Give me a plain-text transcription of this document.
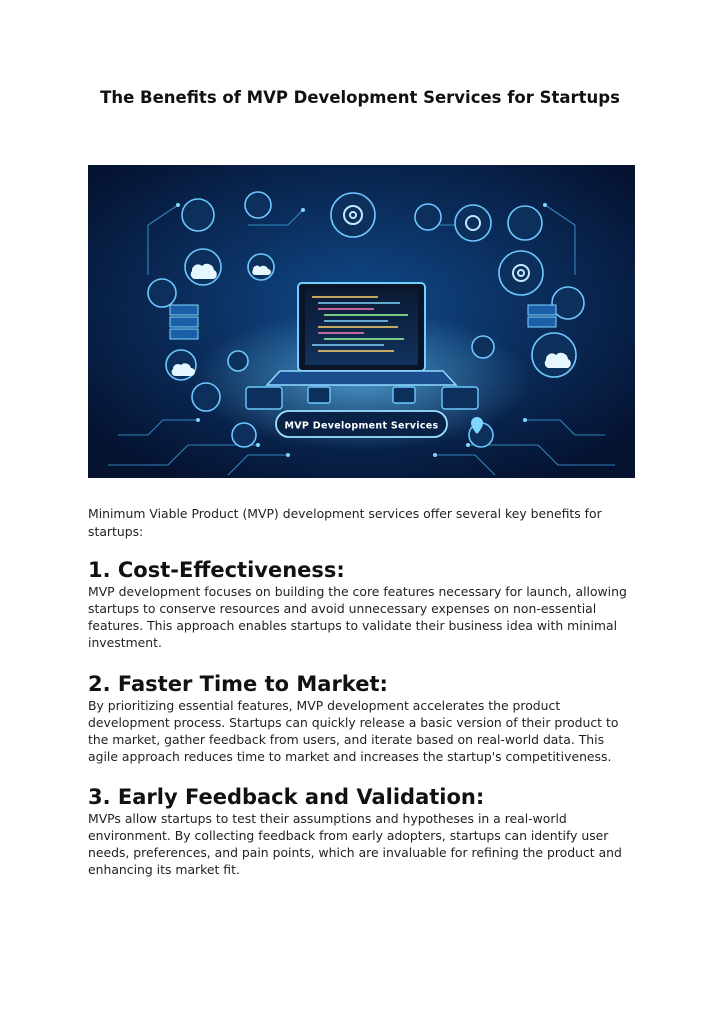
The Benefits of MVP Development Services for Startups
MVP Development Services

Minimum Viable Product (MVP) development services offer several key benefits for startups:

1. Cost-Effectiveness:

MVP development focuses on building the core features necessary for launch, allowing startups to conserve resources and avoid unnecessary expenses on non-essential features. This approach enables startups to validate their business idea with minimal investment.

2. Faster Time to Market:

By prioritizing essential features, MVP development accelerates the product development process. Startups can quickly release a basic version of their product to the market, gather feedback from users, and iterate based on real-world data. This agile approach reduces time to market and increases the startup's competitiveness.

3. Early Feedback and Validation:

MVPs allow startups to test their assumptions and hypotheses in a real-world environment. By collecting feedback from early adopters, startups can identify user needs, preferences, and pain points, which are invaluable for refining the product and enhancing its market fit.
